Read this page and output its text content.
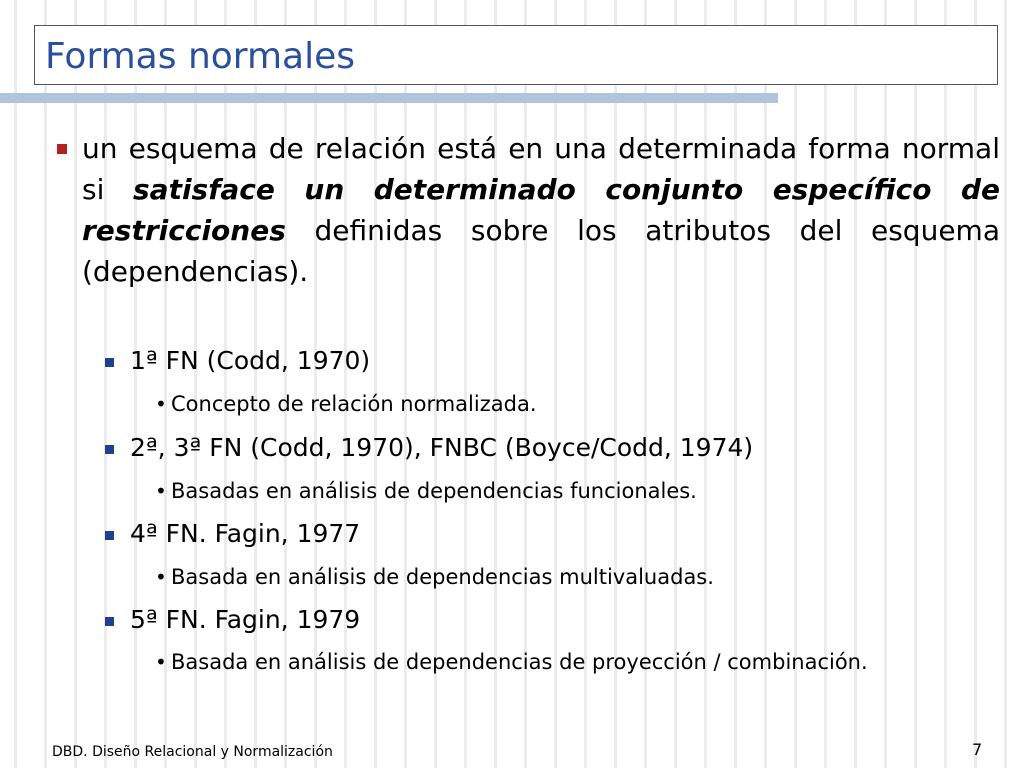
Formas normales
un esquema de relación está en una determinada forma normal si satisface un determinado conjunto específico de restricciones definidas sobre los atributos del esquema (dependencias).
1ª FN (Codd, 1970)
• Concepto de relación normalizada.
2ª, 3ª FN (Codd, 1970), FNBC (Boyce/Codd, 1974)
• Basadas en análisis de dependencias funcionales.
4ª FN. Fagin, 1977
• Basada en análisis de dependencias multivaluadas.
5ª FN. Fagin, 1979
• Basada en análisis de dependencias de proyección / combinación.
DBD. Diseño Relacional y Normalización	7
